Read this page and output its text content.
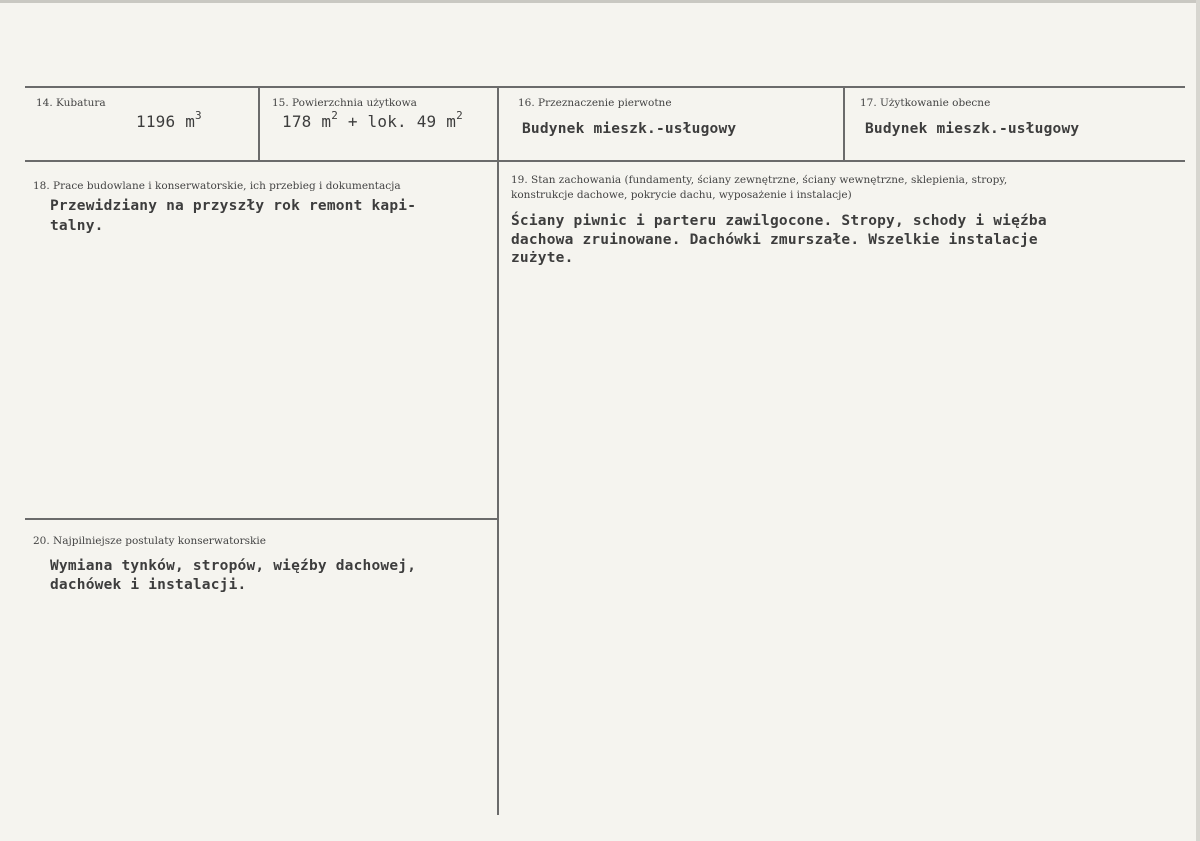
14. Kubatura
1196 $m^3$
15. Powierzchnia użytkowa
178 $m^2$ + lok. 49 $m^2$
16. Przeznaczenie pierwotne
Budynek mieszk.-usługowy
17. Użytkowanie obecne
Budynek mieszk.-usługowy
18. Prace budowlane i konserwatorskie, ich przebieg i dokumentacja
Przewidziany na przyszły rok remont kapi-
talny.
19. Stan zachowania (fundamenty, ściany zewnętrzne, ściany wewnętrzne, sklepienia, stropy,
konstrukcje dachowe, pokrycie dachu, wyposażenie i instalacje)
Ściany piwnic i parteru zawilgocone. Stropy, schody i więźba
dachowa zruinowane. Dachówki zmurszałe. Wszelkie instalacje
zużyte.
20. Najpilniejsze postulaty konserwatorskie
Wymiana tynków, stropów, więźby dachowej,
dachówek i instalacji.
